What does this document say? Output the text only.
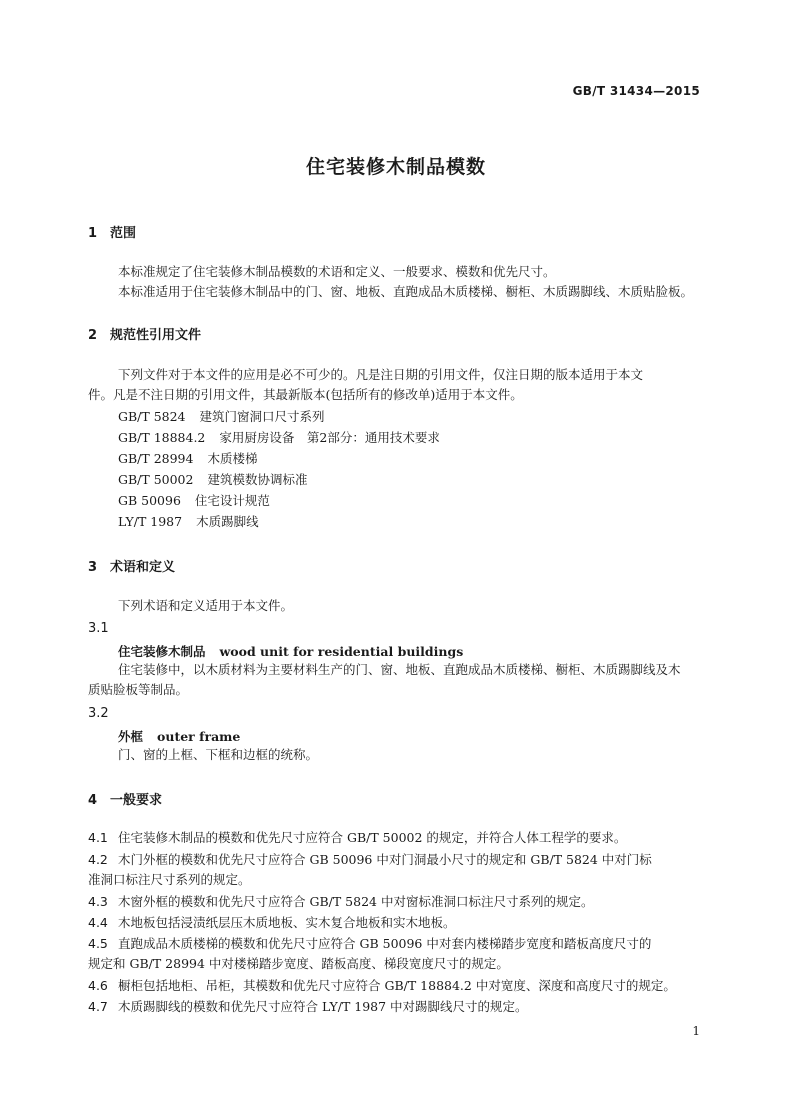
GB/T 31434—2015
住宅装修木制品模数
1 范围
本标准规定了住宅装修木制品模数的术语和定义、一般要求、模数和优先尺寸。
本标准适用于住宅装修木制品中的门、窗、地板、直跑成品木质楼梯、橱柜、木质踢脚线、木质贴脸板。
2 规范性引用文件
下列文件对于本文件的应用是必不可少的。凡是注日期的引用文件，仅注日期的版本适用于本文
件。凡是不注日期的引用文件，其最新版本(包括所有的修改单)适用于本文件。
GB/T 5824 建筑门窗洞口尺寸系列
GB/T 18884.2 家用厨房设备　第2部分：通用技术要求
GB/T 28994 木质楼梯
GB/T 50002 建筑模数协调标准
GB 50096 住宅设计规范
LY/T 1987 木质踢脚线
3 术语和定义
下列术语和定义适用于本文件。
3.1
住宅装修木制品 wood unit for residential buildings
住宅装修中，以木质材料为主要材料生产的门、窗、地板、直跑成品木质楼梯、橱柜、木质踢脚线及木
质贴脸板等制品。
3.2
外框 outer frame
门、窗的上框、下框和边框的统称。
4 一般要求
4.1 住宅装修木制品的模数和优先尺寸应符合 GB/T 50002 的规定，并符合人体工程学的要求。
4.2 木门外框的模数和优先尺寸应符合 GB 50096 中对门洞最小尺寸的规定和 GB/T 5824 中对门标
准洞口标注尺寸系列的规定。
4.3 木窗外框的模数和优先尺寸应符合 GB/T 5824 中对窗标准洞口标注尺寸系列的规定。
4.4 木地板包括浸渍纸层压木质地板、实木复合地板和实木地板。
4.5 直跑成品木质楼梯的模数和优先尺寸应符合 GB 50096 中对套内楼梯踏步宽度和踏板高度尺寸的
规定和 GB/T 28994 中对楼梯踏步宽度、踏板高度、梯段宽度尺寸的规定。
4.6 橱柜包括地柜、吊柜，其模数和优先尺寸应符合 GB/T 18884.2 中对宽度、深度和高度尺寸的规定。
4.7 木质踢脚线的模数和优先尺寸应符合 LY/T 1987 中对踢脚线尺寸的规定。
1
